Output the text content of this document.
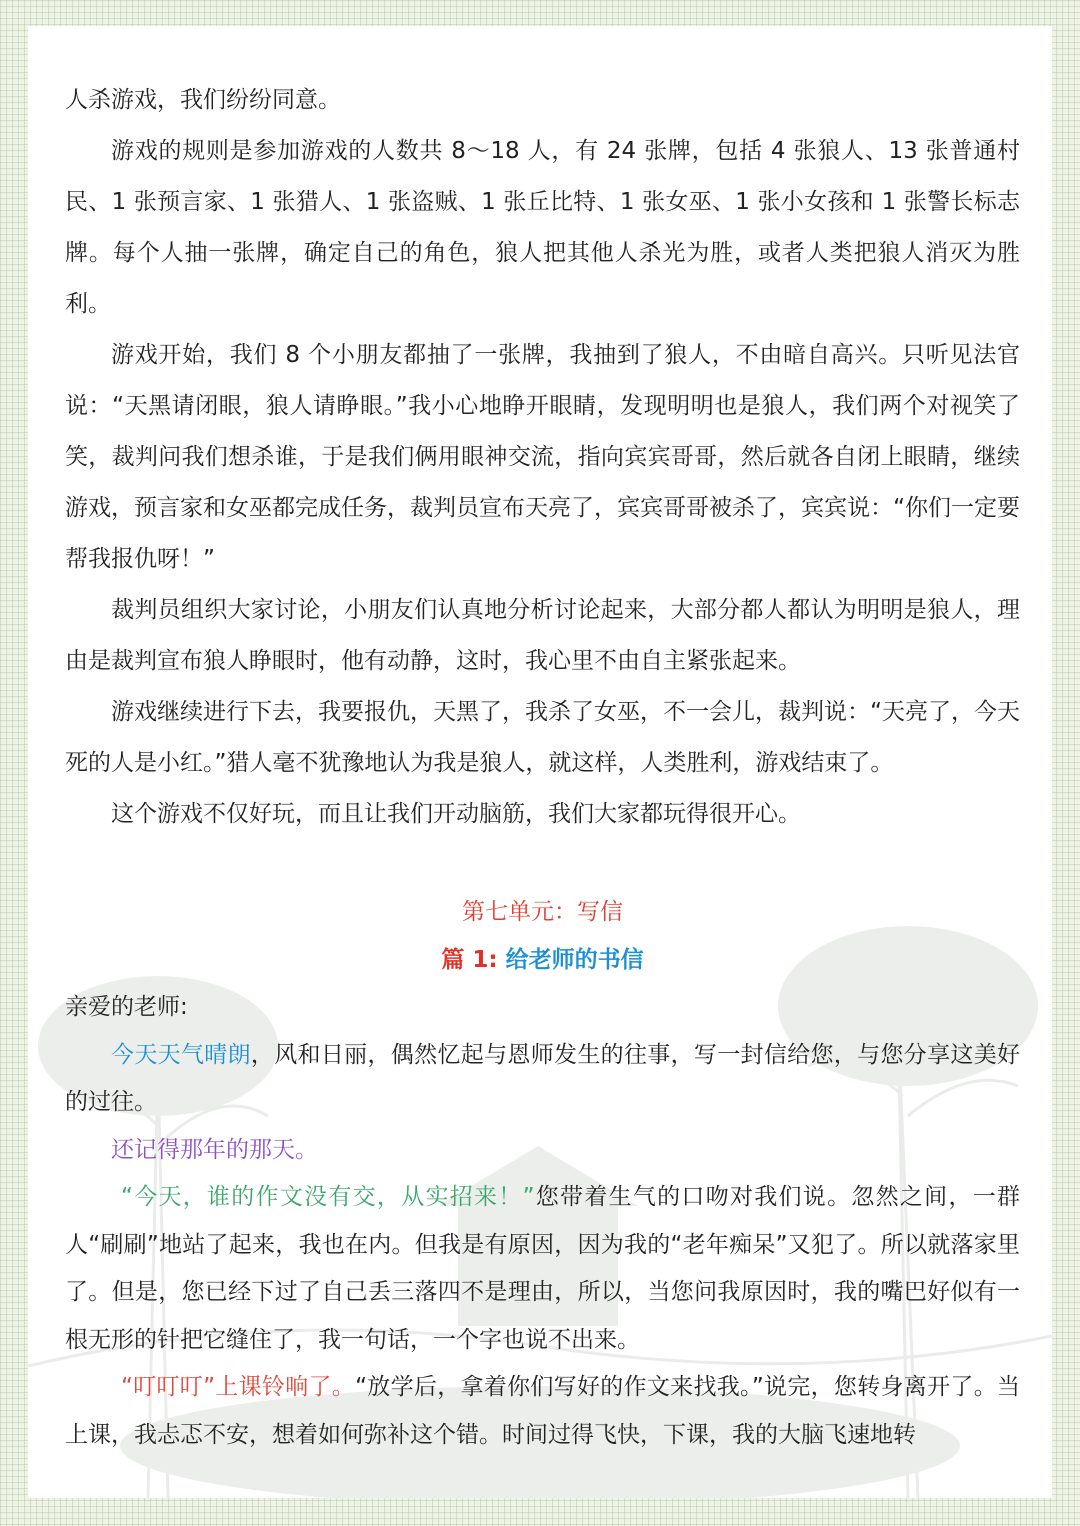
人杀游戏，我们纷纷同意。

游戏的规则是参加游戏的人数共 8～18 人，有 24 张牌，包括 4 张狼人、13 张普通村民、1 张预言家、1 张猎人、1 张盗贼、1 张丘比特、1 张女巫、1 张小女孩和 1 张警长标志牌。每个人抽一张牌，确定自己的角色，狼人把其他人杀光为胜，或者人类把狼人消灭为胜利。

游戏开始，我们 8 个小朋友都抽了一张牌，我抽到了狼人，不由暗自高兴。只听见法官说：“天黑请闭眼，狼人请睁眼。”我小心地睁开眼睛，发现明明也是狼人，我们两个对视笑了笑，裁判问我们想杀谁，于是我们俩用眼神交流，指向宾宾哥哥，然后就各自闭上眼睛，继续游戏，预言家和女巫都完成任务，裁判员宣布天亮了，宾宾哥哥被杀了，宾宾说：“你们一定要帮我报仇呀！”

裁判员组织大家讨论，小朋友们认真地分析讨论起来，大部分都人都认为明明是狼人，理由是裁判宣布狼人睁眼时，他有动静，这时，我心里不由自主紧张起来。

游戏继续进行下去，我要报仇，天黑了，我杀了女巫，不一会儿，裁判说：“天亮了，今天死的人是小红。”猎人毫不犹豫地认为我是狼人，就这样，人类胜利，游戏结束了。

这个游戏不仅好玩，而且让我们开动脑筋，我们大家都玩得很开心。

第七单元：写信

篇 1: 给老师的书信

亲爱的老师:

今天天气晴朗，风和日丽，偶然忆起与恩师发生的往事，写一封信给您，与您分享这美好的过往。

还记得那年的那天。

“今天，谁的作文没有交，从实招来！”您带着生气的口吻对我们说。忽然之间，一群人“刷刷”地站了起来，我也在内。但我是有原因，因为我的“老年痴呆”又犯了。所以就落家里了。但是，您已经下过了自己丢三落四不是理由，所以，当您问我原因时，我的嘴巴好似有一根无形的针把它缝住了，我一句话，一个字也说不出来。

“叮叮叮”上课铃响了。“放学后，拿着你们写好的作文来找我。”说完，您转身离开了。当上课，我忐忑不安，想着如何弥补这个错。时间过得飞快，下课，我的大脑飞速地转
